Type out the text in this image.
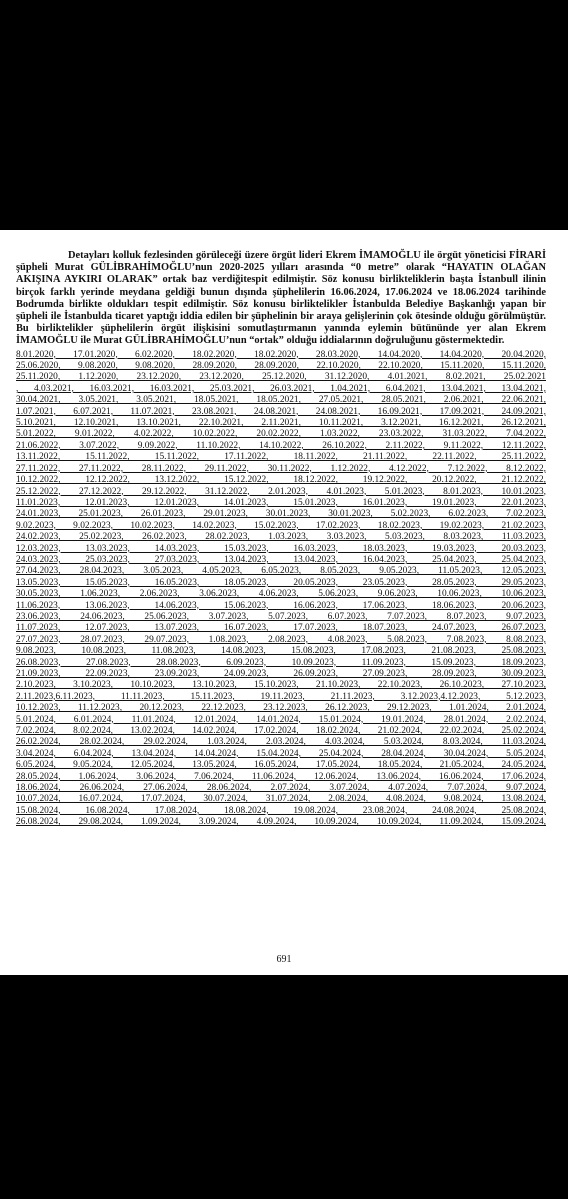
Detayları kolluk fezlesinden görüleceği üzere örgüt lideri Ekrem İMAMOĞLU ile örgüt yöneticisi FİRARİ şüpheli Murat GÜLİBRAHİMOĞLU’nun 2020-2025 yılları arasında “0 metre” olarak “HAYATIN OLAĞAN AKIŞINA AYKIRI OLARAK” ortak baz verdiğitespit edilmiştir. Söz konusu birlikteliklerin başta İstanbull ilinin birçok farklı yerinde meydana geldiği bunun dışında şüphelilerin 16.06.2024, 17.06.2024 ve 18.06.2024 tarihinde Bodrumda birlikte oldukları tespit edilmiştir. Söz konusu birliktelikler İstanbulda Belediye Başkanlığı yapan bir şüpheli ile İstanbulda ticaret yaptığı iddia edilen bir şüphelinin bir araya gelişlerinin çok ötesinde olduğu görülmüştür. Bu birliktelikler şüphelilerin örgüt ilişkisini somutlaştırmanın yanında eylemin bütününde yer alan Ekrem İMAMOĞLU ile Murat GÜLİBRAHİMOĞLU’nun “ortak” olduğu iddialarının doğruluğunu göstermektedir.

8.01.2020, 17.01.2020, 6.02.2020, 18.02.2020, 18.02.2020, 28.03.2020, 14.04.2020, 14.04.2020, 20.04.2020,
25.06.2020, 9.08.2020, 9.08.2020, 28.09.2020, 28.09.2020, 22.10.2020, 22.10.2020, 15.11.2020, 15.11.2020,
25.11.2020, 1.12.2020, 23.12.2020, 23.12.2020, 25.12.2020, 31.12.2020, 4.01.2021, 8.02.2021, 25.02.2021
, 4.03.2021, 16.03.2021, 16.03.2021, 25.03.2021, 26.03.2021, 1.04.2021, 6.04.2021, 13.04.2021, 13.04.2021,
30.04.2021, 3.05.2021, 3.05.2021, 18.05.2021, 18.05.2021, 27.05.2021, 28.05.2021, 2.06.2021, 22.06.2021,
1.07.2021, 6.07.2021, 11.07.2021, 23.08.2021, 24.08.2021, 24.08.2021, 16.09.2021, 17.09.2021, 24.09.2021,
5.10.2021, 12.10.2021, 13.10.2021, 22.10.2021, 2.11.2021, 10.11.2021, 3.12.2021, 16.12.2021, 26.12.2021,
5.01.2022, 9.01.2022, 4.02.2022, 10.02.2022, 20.02.2022, 1.03.2022, 23.03.2022, 31.03.2022, 7.04.2022,
21.06.2022, 3.07.2022, 9.09.2022, 11.10.2022, 14.10.2022, 26.10.2022, 2.11.2022, 9.11.2022, 12.11.2022,
13.11.2022, 15.11.2022, 15.11.2022, 17.11.2022, 18.11.2022, 21.11.2022, 22.11.2022, 25.11.2022,
27.11.2022, 27.11.2022, 28.11.2022, 29.11.2022, 30.11.2022, 1.12.2022, 4.12.2022, 7.12.2022, 8.12.2022,
10.12.2022, 12.12.2022, 13.12.2022, 15.12.2022, 18.12.2022, 19.12.2022, 20.12.2022, 21.12.2022,
25.12.2022, 27.12.2022, 29.12.2022, 31.12.2022, 2.01.2023, 4.01.2023, 5.01.2023, 8.01.2023, 10.01.2023,
11.01.2023, 12.01.2023, 12.01.2023, 14.01.2023, 15.01.2023, 16.01.2023, 19.01.2023, 22.01.2023,
24.01.2023, 25.01.2023, 26.01.2023, 29.01.2023, 30.01.2023, 30.01.2023, 5.02.2023, 6.02.2023, 7.02.2023,
9.02.2023, 9.02.2023, 10.02.2023, 14.02.2023, 15.02.2023, 17.02.2023, 18.02.2023, 19.02.2023, 21.02.2023,
24.02.2023, 25.02.2023, 26.02.2023, 28.02.2023, 1.03.2023, 3.03.2023, 5.03.2023, 8.03.2023, 11.03.2023,
12.03.2023, 13.03.2023, 14.03.2023, 15.03.2023, 16.03.2023, 18.03.2023, 19.03.2023, 20.03.2023,
24.03.2023, 25.03.2023, 27.03.2023, 13.04.2023, 13.04.2023, 16.04.2023, 25.04.2023, 25.04.2023,
27.04.2023, 28.04.2023, 3.05.2023, 4.05.2023, 6.05.2023, 8.05.2023, 9.05.2023, 11.05.2023, 12.05.2023,
13.05.2023, 15.05.2023, 16.05.2023, 18.05.2023, 20.05.2023, 23.05.2023, 28.05.2023, 29.05.2023,
30.05.2023, 1.06.2023, 2.06.2023, 3.06.2023, 4.06.2023, 5.06.2023, 9.06.2023, 10.06.2023, 10.06.2023,
11.06.2023, 13.06.2023, 14.06.2023, 15.06.2023, 16.06.2023, 17.06.2023, 18.06.2023, 20.06.2023,
23.06.2023, 24.06.2023, 25.06.2023, 3.07.2023, 5.07.2023, 6.07.2023, 7.07.2023, 8.07.2023, 9.07.2023,
11.07.2023, 12.07.2023, 13.07.2023, 16.07.2023, 17.07.2023, 18.07.2023, 24.07.2023, 26.07.2023,
27.07.2023, 28.07.2023, 29.07.2023, 1.08.2023, 2.08.2023, 4.08.2023, 5.08.2023, 7.08.2023, 8.08.2023,
9.08.2023, 10.08.2023, 11.08.2023, 14.08.2023, 15.08.2023, 17.08.2023, 21.08.2023, 25.08.2023,
26.08.2023, 27.08.2023, 28.08.2023, 6.09.2023, 10.09.2023, 11.09.2023, 15.09.2023, 18.09.2023,
21.09.2023, 22.09.2023, 23.09.2023, 24.09.2023, 26.09.2023, 27.09.2023, 28.09.2023, 30.09.2023,
2.10.2023, 3.10.2023, 10.10.2023, 13.10.2023, 15.10.2023, 21.10.2023, 22.10.2023, 26.10.2023, 27.10.2023,
2.11.2023,6.11.2023, 11.11.2023, 15.11.2023, 19.11.2023, 21.11.2023, 3.12.2023,4.12.2023, 5.12.2023,
10.12.2023, 11.12.2023, 20.12.2023, 22.12.2023, 23.12.2023, 26.12.2023, 29.12.2023, 1.01.2024, 2.01.2024,
5.01.2024, 6.01.2024, 11.01.2024, 12.01.2024, 14.01.2024, 15.01.2024, 19.01.2024, 28.01.2024, 2.02.2024,
7.02.2024, 8.02.2024, 13.02.2024, 14.02.2024, 17.02.2024, 18.02.2024, 21.02.2024, 22.02.2024, 25.02.2024,
26.02.2024, 28.02.2024, 29.02.2024, 1.03.2024, 2.03.2024, 4.03.2024, 5.03.2024, 8.03.2024, 11.03.2024,
3.04.2024, 6.04.2024, 13.04.2024, 14.04.2024, 15.04.2024, 25.04.2024, 28.04.2024, 30.04.2024, 5.05.2024,
6.05.2024, 9.05.2024, 12.05.2024, 13.05.2024, 16.05.2024, 17.05.2024, 18.05.2024, 21.05.2024, 24.05.2024,
28.05.2024, 1.06.2024, 3.06.2024, 7.06.2024, 11.06.2024, 12.06.2024, 13.06.2024, 16.06.2024, 17.06.2024,
18.06.2024, 26.06.2024, 27.06.2024, 28.06.2024, 2.07.2024, 3.07.2024, 4.07.2024, 7.07.2024, 9.07.2024,
10.07.2024, 16.07.2024, 17.07.2024, 30.07.2024, 31.07.2024, 2.08.2024, 4.08.2024, 9.08.2024, 13.08.2024,
15.08.2024, 16.08.2024, 17.08.2024, 18.08.2024, 19.08.2024, 23.08.2024, 24.08.2024, 25.08.2024,
26.08.2024, 29.08.2024, 1.09.2024, 3.09.2024, 4.09.2024, 10.09.2024, 10.09.2024, 11.09.2024, 15.09.2024,
691
